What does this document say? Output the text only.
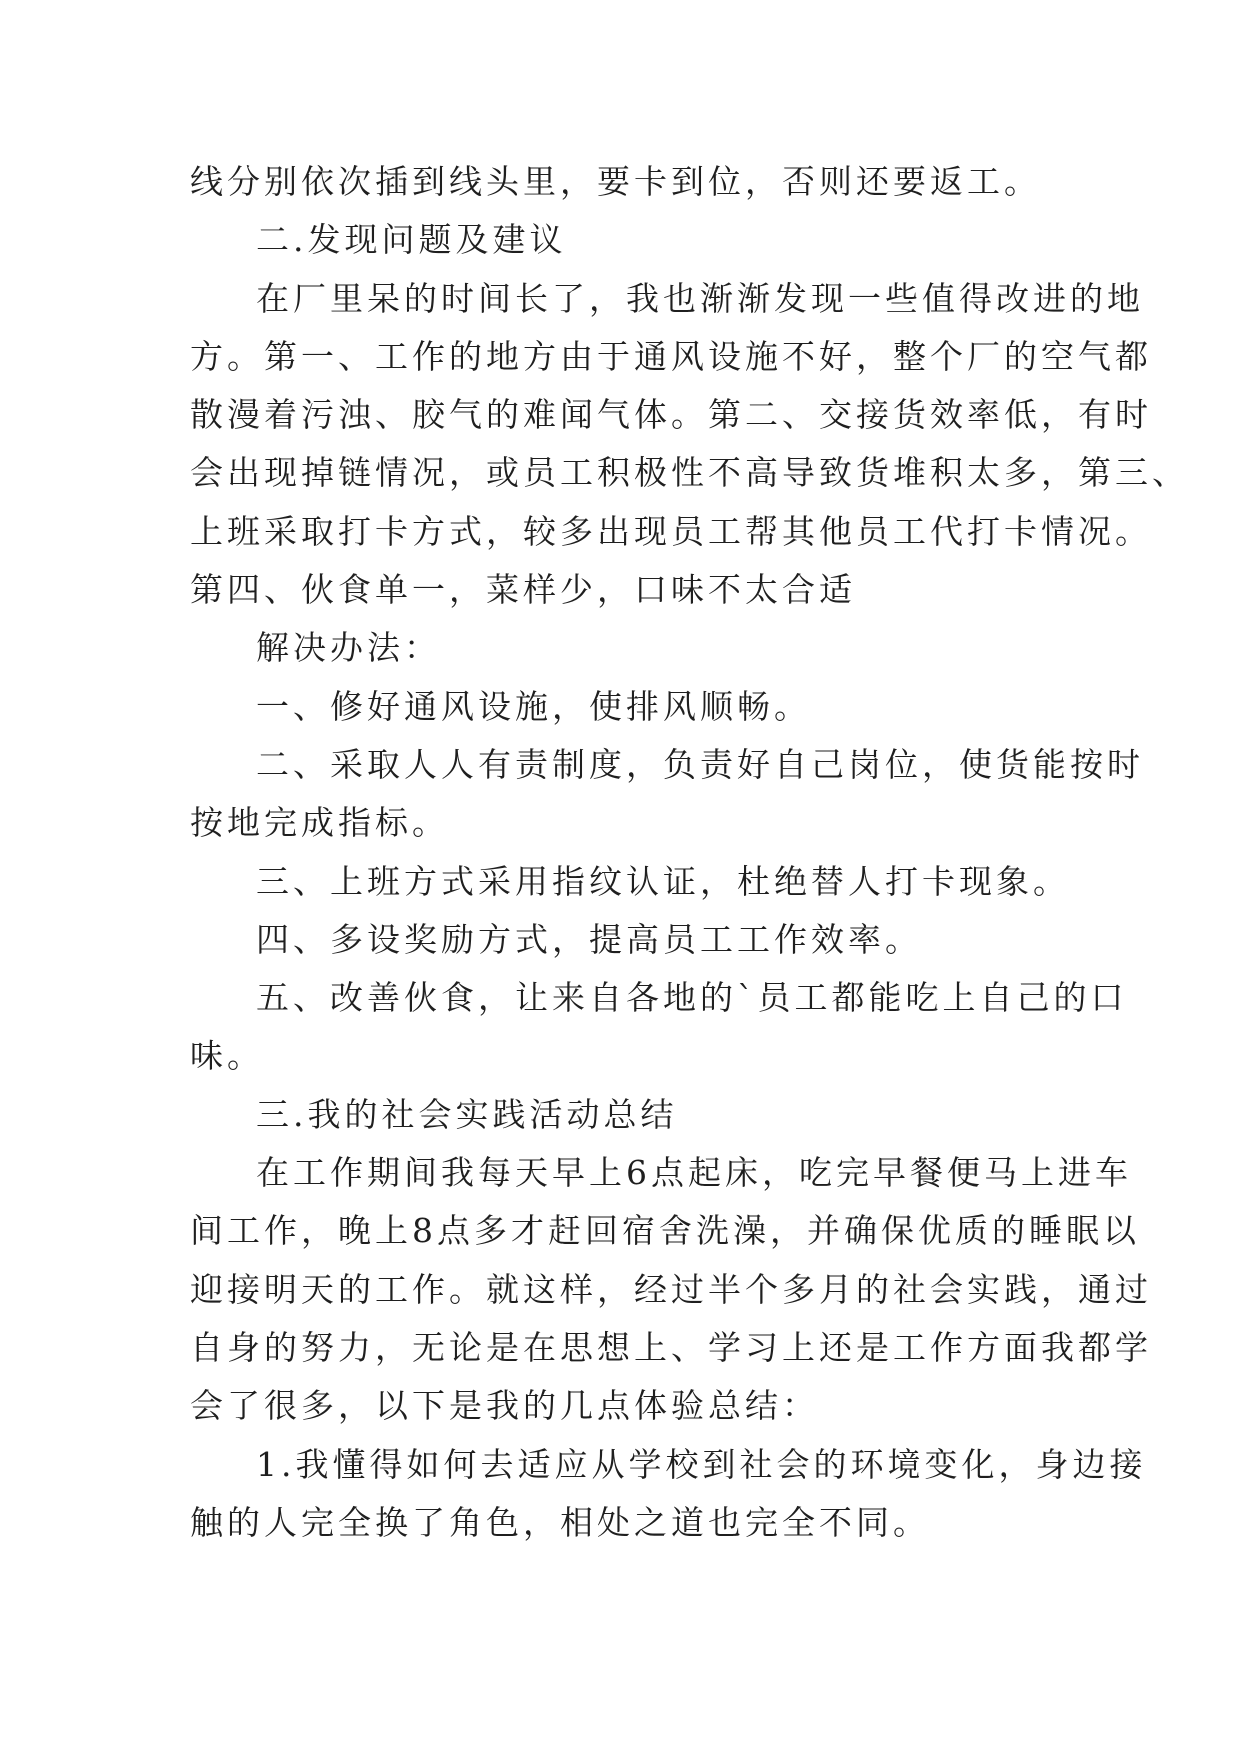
线分别依次插到线头里，要卡到位，否则还要返工。
二.发现问题及建议
在厂里呆的时间长了，我也渐渐发现一些值得改进的地
方。第一、工作的地方由于通风设施不好，整个厂的空气都
散漫着污浊、胶气的难闻气体。第二、交接货效率低，有时
会出现掉链情况，或员工积极性不高导致货堆积太多，第三、
上班采取打卡方式，较多出现员工帮其他员工代打卡情况。
第四、伙食单一，菜样少，口味不太合适
解决办法：
一、修好通风设施，使排风顺畅。
二、采取人人有责制度，负责好自己岗位，使货能按时
按地完成指标。
三、上班方式采用指纹认证，杜绝替人打卡现象。
四、多设奖励方式，提高员工工作效率。
五、改善伙食，让来自各地的`员工都能吃上自己的口
味。
三.我的社会实践活动总结
在工作期间我每天早上6点起床，吃完早餐便马上进车
间工作，晚上8点多才赶回宿舍洗澡，并确保优质的睡眠以
迎接明天的工作。就这样，经过半个多月的社会实践，通过
自身的努力，无论是在思想上、学习上还是工作方面我都学
会了很多，以下是我的几点体验总结：
1.我懂得如何去适应从学校到社会的环境变化，身边接
触的人完全换了角色，相处之道也完全不同。
